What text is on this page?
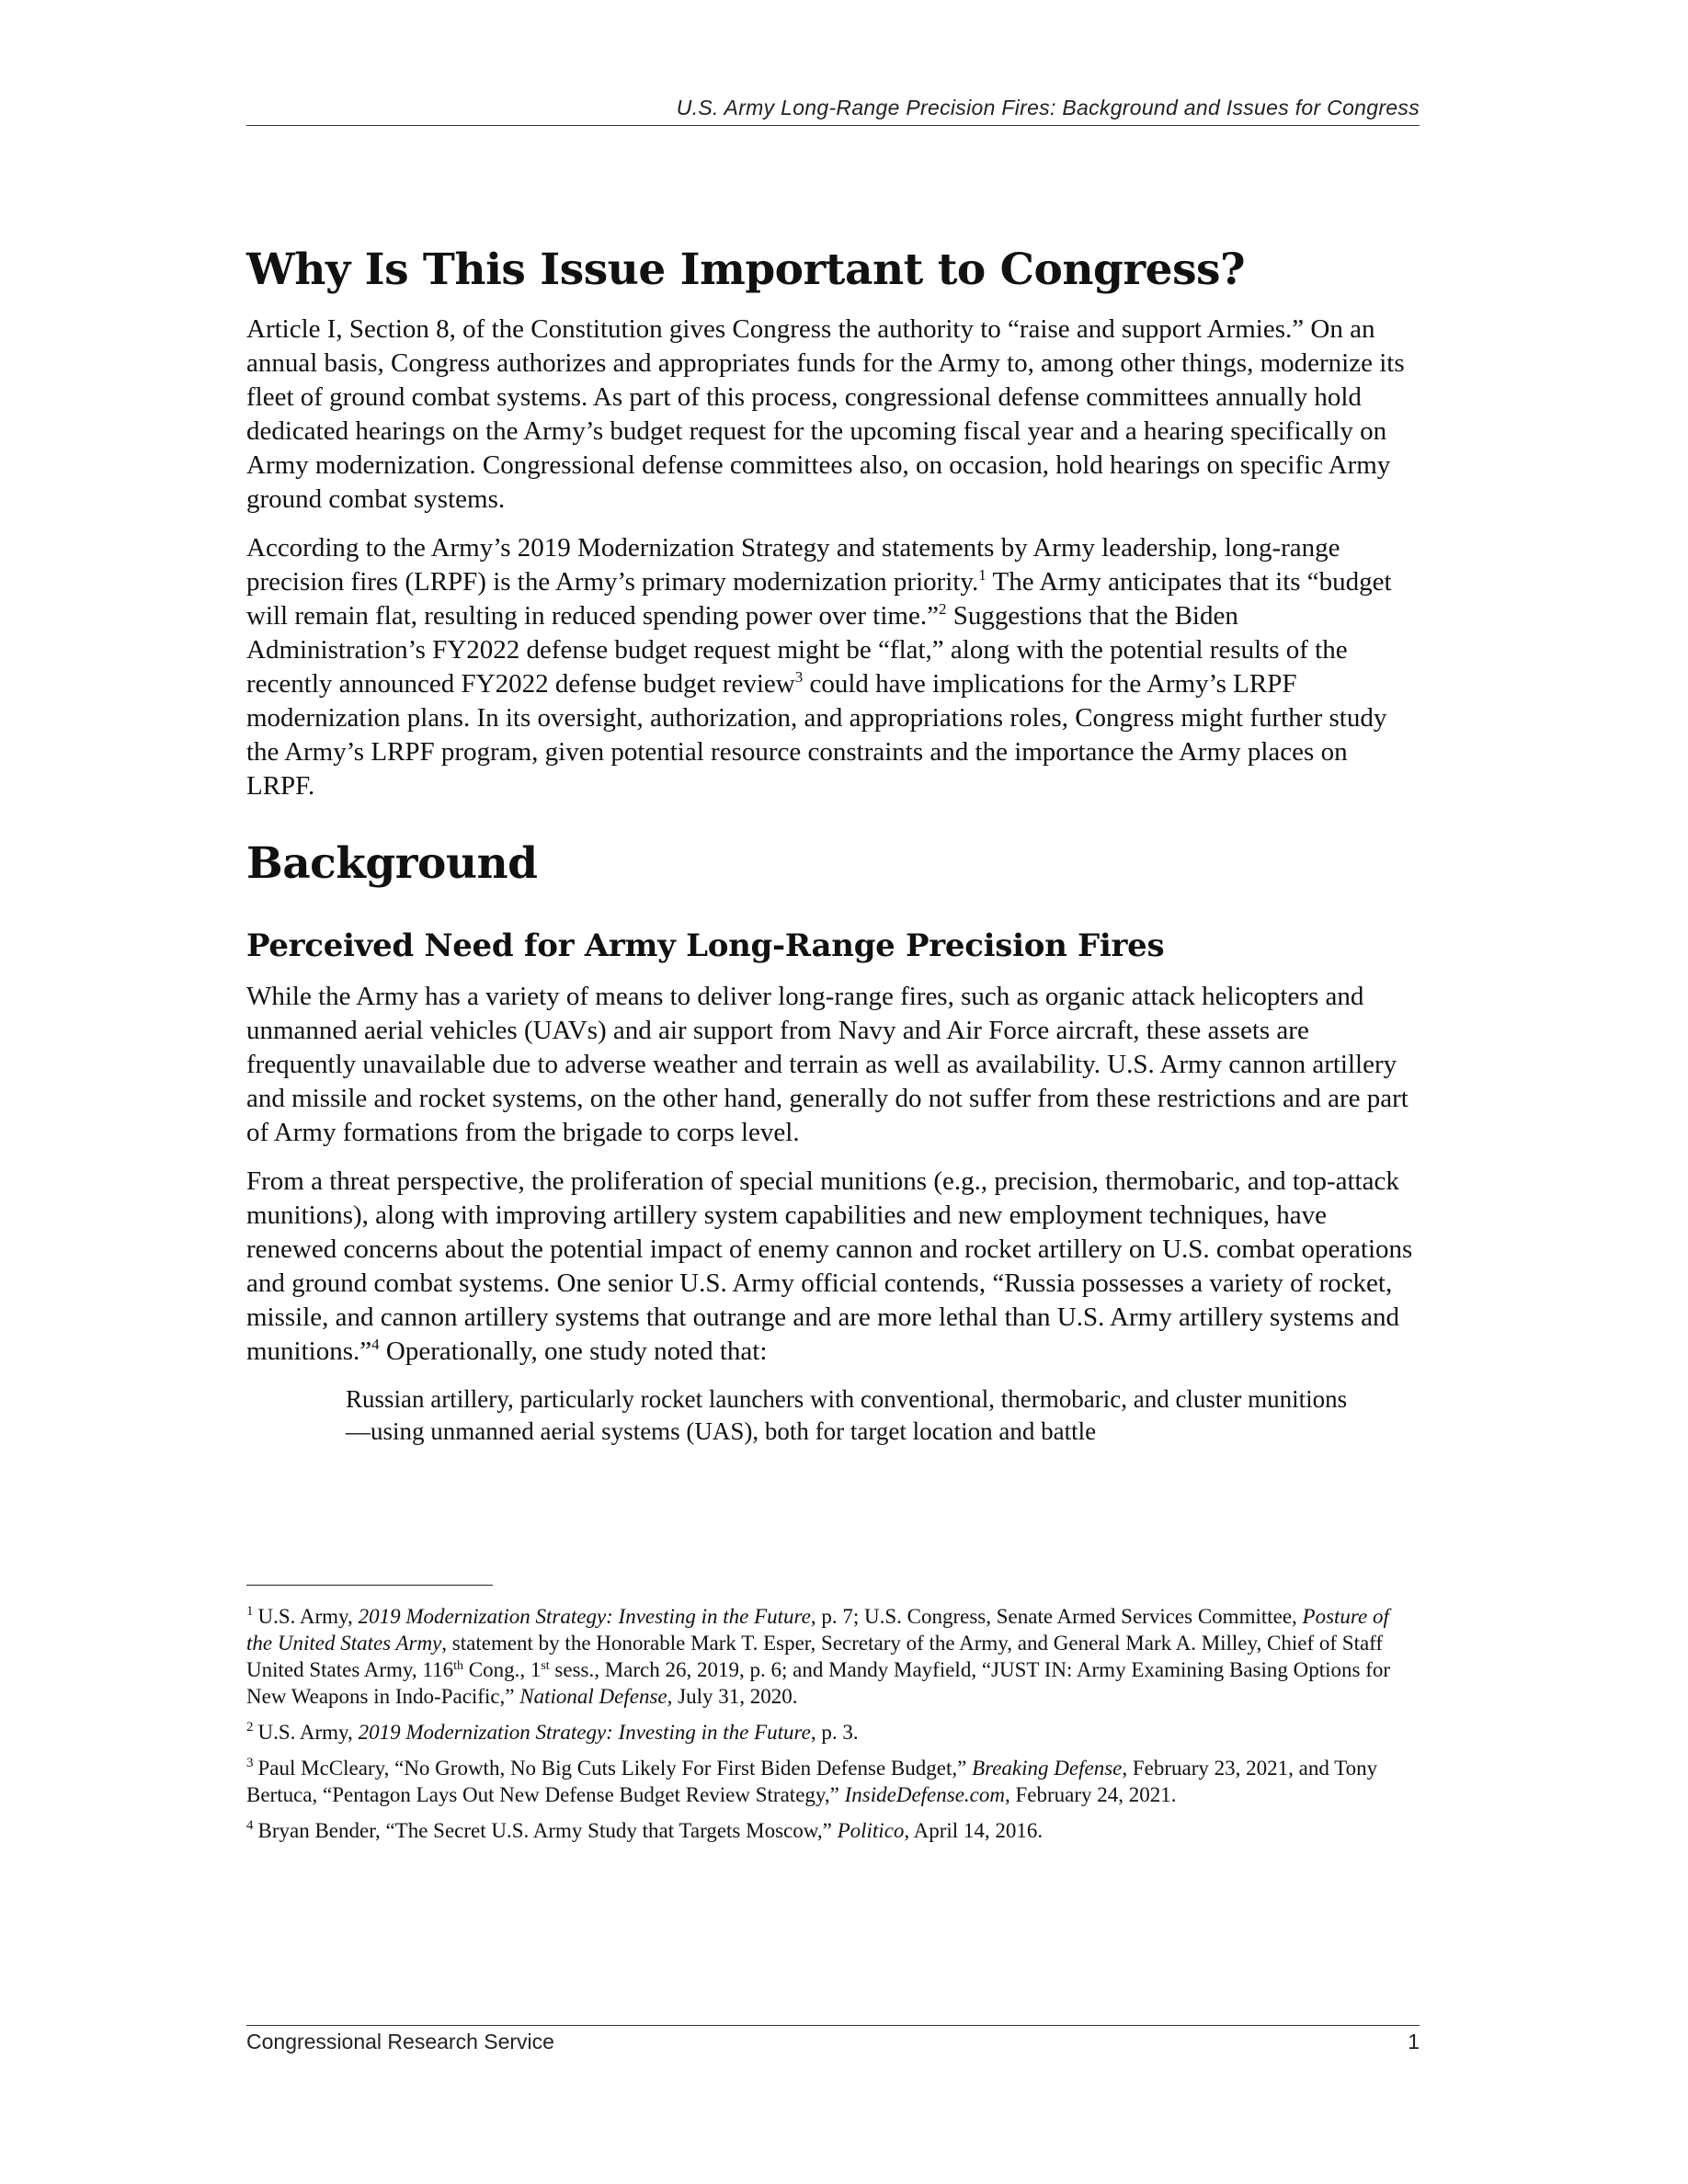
U.S. Army Long-Range Precision Fires: Background and Issues for Congress
Why Is This Issue Important to Congress?

Article I, Section 8, of the Constitution gives Congress the authority to “raise and support Armies.” On an annual basis, Congress authorizes and appropriates funds for the Army to, among other things, modernize its fleet of ground combat systems. As part of this process, congressional defense committees annually hold dedicated hearings on the Army’s budget request for the upcoming fiscal year and a hearing specifically on Army modernization. Congressional defense committees also, on occasion, hold hearings on specific Army ground combat systems.

According to the Army’s 2019 Modernization Strategy and statements by Army leadership, long-range precision fires (LRPF) is the Army’s primary modernization priority.$^1$ The Army anticipates that its “budget will remain flat, resulting in reduced spending power over time.”$^2$ Suggestions that the Biden Administration’s FY2022 defense budget request might be “flat,” along with the potential results of the recently announced FY2022 defense budget review$^3$ could have implications for the Army’s LRPF modernization plans. In its oversight, authorization, and appropriations roles, Congress might further study the Army’s LRPF program, given potential resource constraints and the importance the Army places on LRPF.

Background
Perceived Need for Army Long-Range Precision Fires

While the Army has a variety of means to deliver long-range fires, such as organic attack helicopters and unmanned aerial vehicles (UAVs) and air support from Navy and Air Force aircraft, these assets are frequently unavailable due to adverse weather and terrain as well as availability. U.S. Army cannon artillery and missile and rocket systems, on the other hand, generally do not suffer from these restrictions and are part of Army formations from the brigade to corps level.

From a threat perspective, the proliferation of special munitions (e.g., precision, thermobaric, and top-attack munitions), along with improving artillery system capabilities and new employment techniques, have renewed concerns about the potential impact of enemy cannon and rocket artillery on U.S. combat operations and ground combat systems. One senior U.S. Army official contends, “Russia possesses a variety of rocket, missile, and cannon artillery systems that outrange and are more lethal than U.S. Army artillery systems and munitions.”$^4$ Operationally, one study noted that:

Russian artillery, particularly rocket launchers with conventional, thermobaric, and cluster munitions—using unmanned aerial systems (UAS), both for target location and battle
$^1$ U.S. Army, 2019 Modernization Strategy: Investing in the Future, p. 7; U.S. Congress, Senate Armed Services Committee, Posture of the United States Army, statement by the Honorable Mark T. Esper, Secretary of the Army, and General Mark A. Milley, Chief of Staff United States Army, 116th Cong., 1st sess., March 26, 2019, p. 6; and Mandy Mayfield, “JUST IN: Army Examining Basing Options for New Weapons in Indo-Pacific,” National Defense, July 31, 2020.
$^2$ U.S. Army, 2019 Modernization Strategy: Investing in the Future, p. 3.
$^3$ Paul McCleary, “No Growth, No Big Cuts Likely For First Biden Defense Budget,” Breaking Defense, February 23, 2021, and Tony Bertuca, “Pentagon Lays Out New Defense Budget Review Strategy,” InsideDefense.com, February 24, 2021.
$^4$ Bryan Bender, “The Secret U.S. Army Study that Targets Moscow,” Politico, April 14, 2016.
Congressional Research Service	1
